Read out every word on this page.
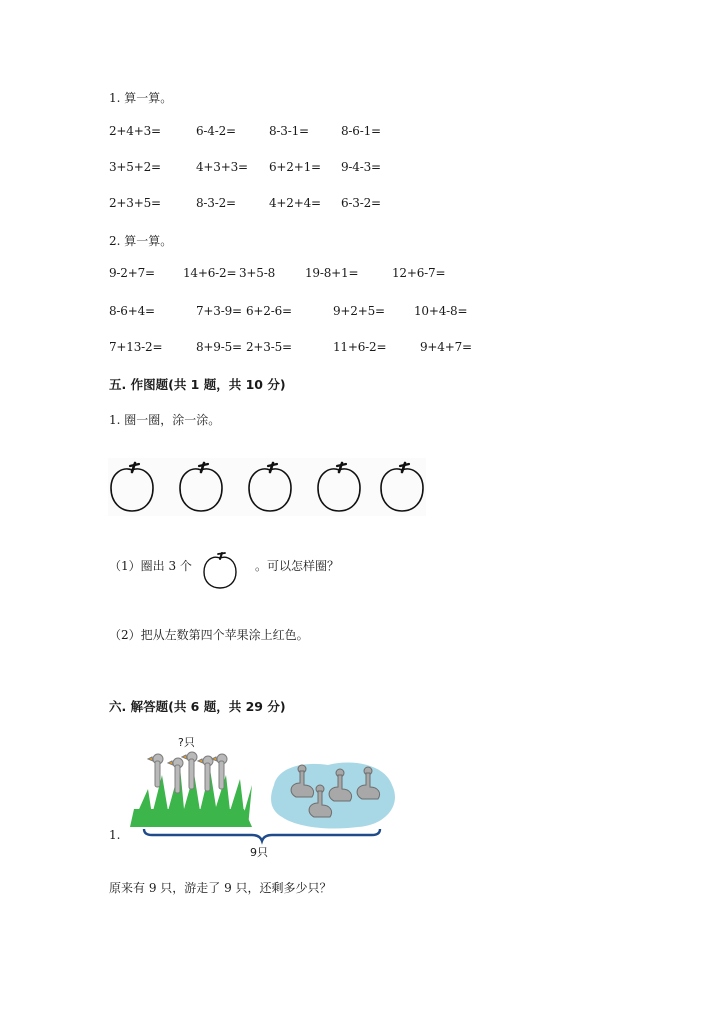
1. 算一算。
2+4+3=	6-4-2=	8-3-1=	8-6-1=
3+5+2=	4+3+3= 6+2+1= 9-4-3=
2+3+5=	8-3-2=	4+2+4= 6-3-2=
2. 算一算。
9-2+7= 14+6-2= 3+5-8 19-8+1=	12+6-7=
8-6+4=	7+3-9= 6+2-6=	9+2+5= 10+4-8=
7+13-2=	8+9-5= 2+3-5=	11+6-2=	9+4+7=
五. 作图题(共 1 题，共 10 分)
1. 圈一圈，涂一涂。
（1）圈出 3 个	。可以怎样圈？
（2）把从左数第四个苹果涂上红色。
六. 解答题(共 6 题，共 29 分)
?只
1.
9只
原来有 9 只，游走了 9 只，还剩多少只？
